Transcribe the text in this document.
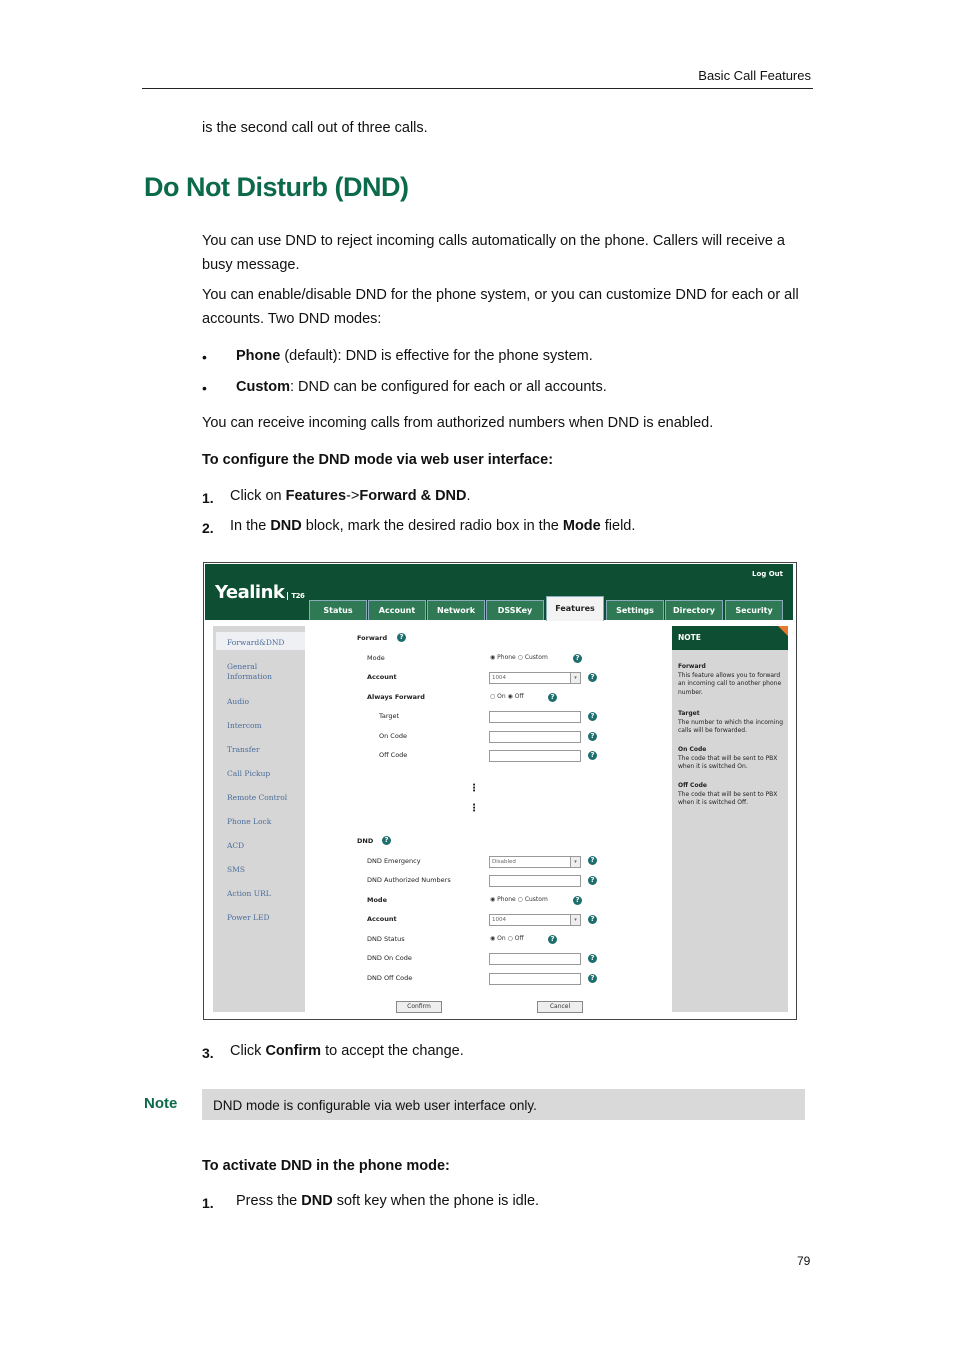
Basic Call Features
is the second call out of three calls.
Do Not Disturb (DND)
You can use DND to reject incoming calls automatically on the phone. Callers will receive a busy message.
You can enable/disable DND for the phone system, or you can customize DND for each or all accounts. Two DND modes:
• Phone (default): DND is effective for the phone system.
• Custom: DND can be configured for each or all accounts.
You can receive incoming calls from authorized numbers when DND is enabled.
To configure the DND mode via web user interface:
1. Click on Features->Forward & DND.
2. In the DND block, mark the desired radio box in the Mode field.
Yealink T26
Log Out
Status	Account	Network	DSSKey	Features	Settings	Directory	Security
Forward&DND
General Information
Audio
Intercom
Transfer
Call Pickup
Remote Control
Phone Lock
ACD
SMS
Action URL
Power LED
Forward	?
Mode	◉ Phone ○ Custom	?
Account	1004	▾	?
Always Forward	○ On ◉ Off	?
Target	?
On Code	?
Off Code	?
⋮
⋮
DND	?
DND Emergency	Disabled	▾	?
DND Authorized Numbers	?
Mode	◉ Phone ○ Custom	?
Account	1004	▾	?
DND Status	◉ On ○ Off	?
DND On Code	?
DND Off Code	?
Confirm	Cancel
NOTE
Forward
This feature allows you to forward an incoming call to another phone number.
Target
The number to which the incoming calls will be forwarded.
On Code
The code that will be sent to PBX when it is switched On.
Off Code
The code that will be sent to PBX when it is switched Off.
3. Click Confirm to accept the change.
Note	DND mode is configurable via web user interface only.
To activate DND in the phone mode:
1. Press the DND soft key when the phone is idle.
79
